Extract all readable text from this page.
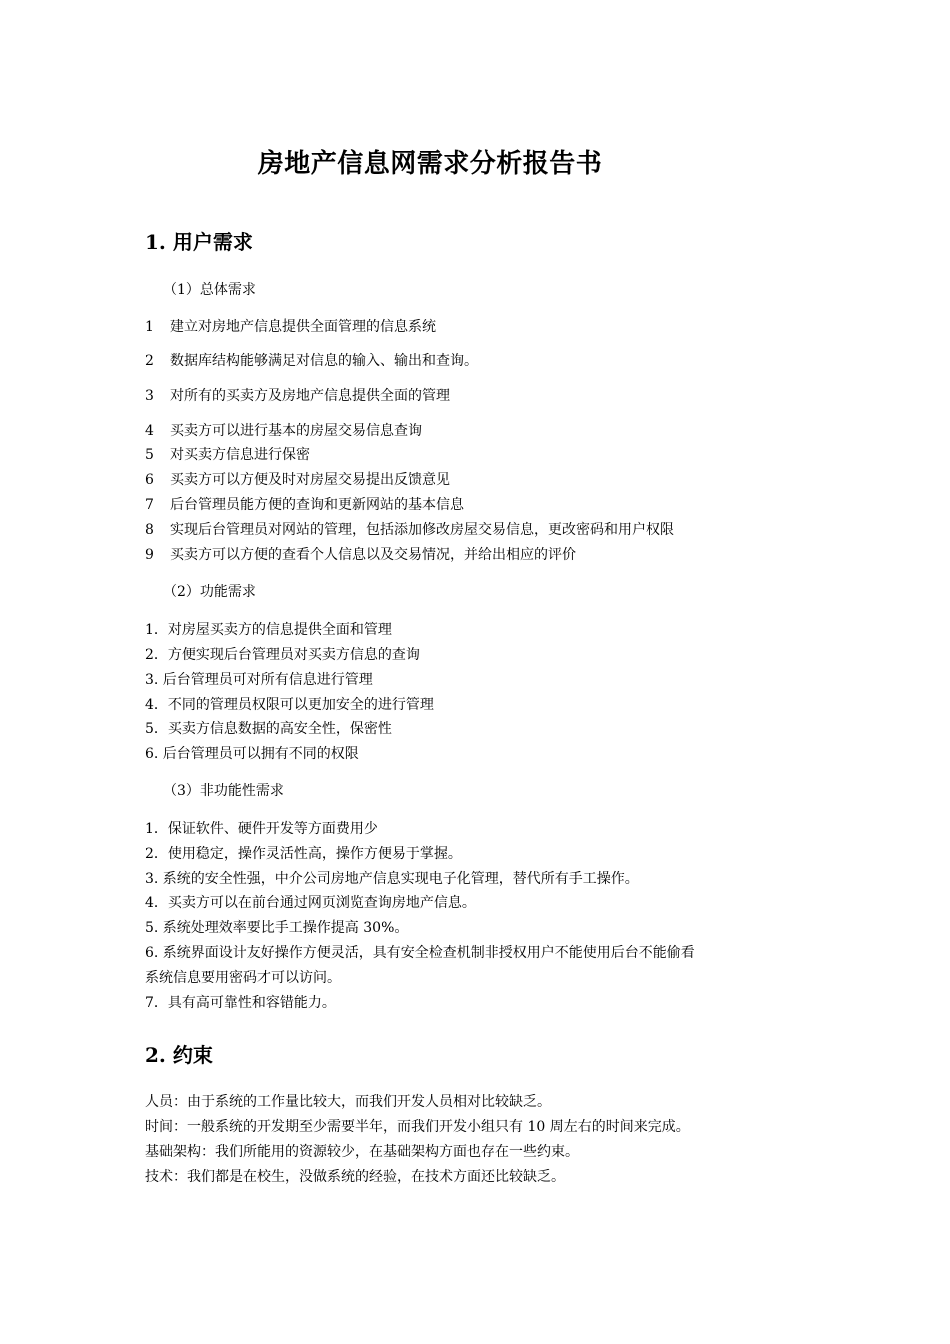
房地产信息网需求分析报告书
1. 用户需求
（1）总体需求
1 建立对房地产信息提供全面管理的信息系统
2 数据库结构能够满足对信息的输入、输出和查询。
3 对所有的买卖方及房地产信息提供全面的管理
4 买卖方可以进行基本的房屋交易信息查询
5 对买卖方信息进行保密
6 买卖方可以方便及时对房屋交易提出反馈意见
7 后台管理员能方便的查询和更新网站的基本信息
8 实现后台管理员对网站的管理，包括添加修改房屋交易信息，更改密码和用户权限
9 买卖方可以方便的查看个人信息以及交易情况，并给出相应的评价
（2）功能需求
1．对房屋买卖方的信息提供全面和管理
2．方便实现后台管理员对买卖方信息的查询
3. 后台管理员可对所有信息进行管理
4．不同的管理员权限可以更加安全的进行管理
5．买卖方信息数据的高安全性，保密性
6. 后台管理员可以拥有不同的权限
（3）非功能性需求
1．保证软件、硬件开发等方面费用少
2．使用稳定，操作灵活性高，操作方便易于掌握。
3. 系统的安全性强，中介公司房地产信息实现电子化管理，替代所有手工操作。
4．买卖方可以在前台通过网页浏览查询房地产信息。
5. 系统处理效率要比手工操作提高 30%。
6. 系统界面设计友好操作方便灵活，具有安全检查机制非授权用户不能使用后台不能偷看
系统信息要用密码才可以访问。
7．具有高可靠性和容错能力。
2. 约束
人员：由于系统的工作量比较大，而我们开发人员相对比较缺乏。
时间：一般系统的开发期至少需要半年，而我们开发小组只有 10 周左右的时间来完成。
基础架构：我们所能用的资源较少，在基础架构方面也存在一些约束。
技术：我们都是在校生，没做系统的经验，在技术方面还比较缺乏。
